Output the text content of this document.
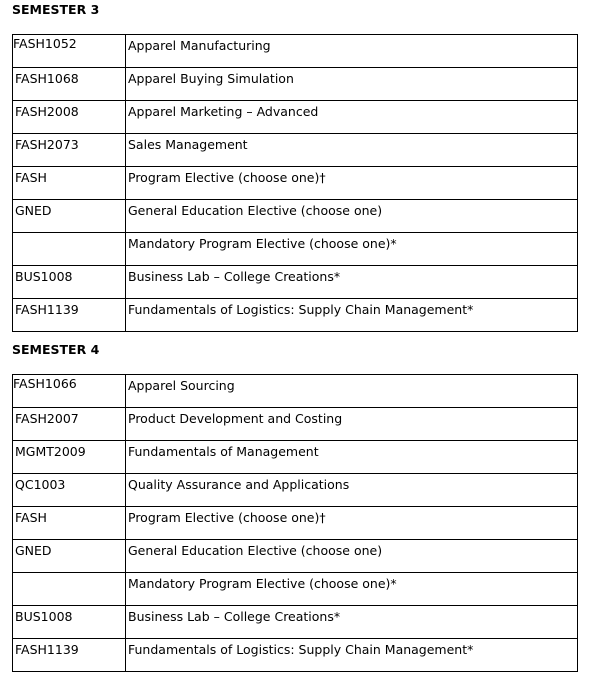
SEMESTER 3
FASH1052	Apparel Manufacturing
FASH1068	Apparel Buying Simulation
FASH2008	Apparel Marketing – Advanced
FASH2073	Sales Management
FASH	Program Elective (choose one)†
GNED	General Education Elective (choose one)
	Mandatory Program Elective (choose one)*
BUS1008	Business Lab – College Creations*
FASH1139	Fundamentals of Logistics: Supply Chain Management*
SEMESTER 4
FASH1066	Apparel Sourcing
FASH2007	Product Development and Costing
MGMT2009	Fundamentals of Management
QC1003	Quality Assurance and Applications
FASH	Program Elective (choose one)†
GNED	General Education Elective (choose one)
	Mandatory Program Elective (choose one)*
BUS1008	Business Lab – College Creations*
FASH1139	Fundamentals of Logistics: Supply Chain Management*
